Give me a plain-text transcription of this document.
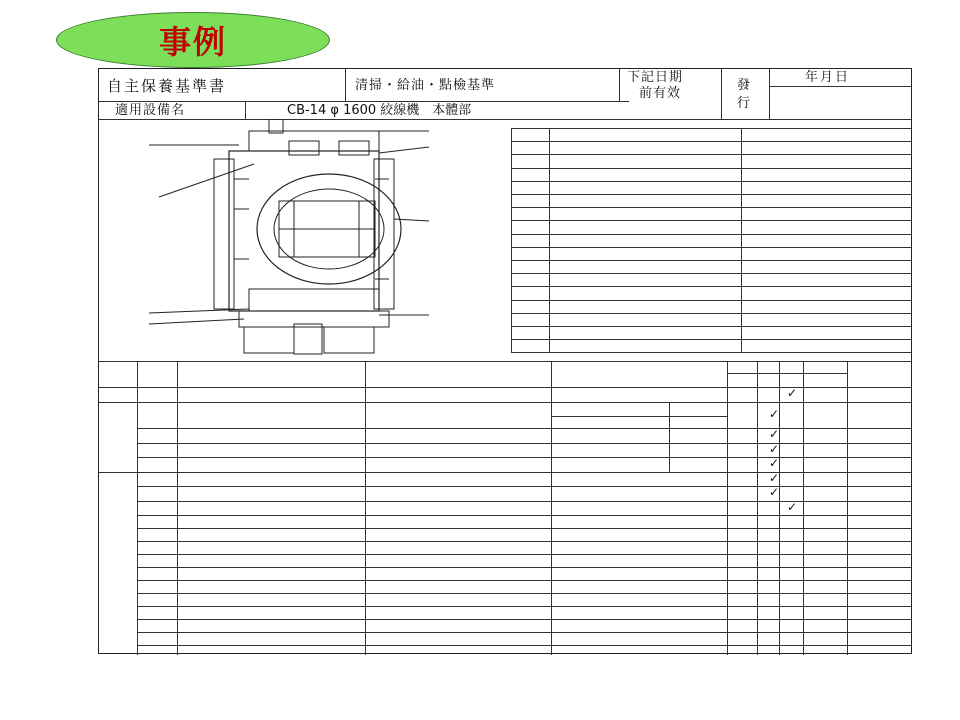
事例
自主保養基準書	清掃・給油・點檢基準
下記日期
前有效
發
行
年月日
適用設備名	CB-14 φ 1600 絞線機　本體部
✓
✓
✓
✓
✓
✓
✓
✓
